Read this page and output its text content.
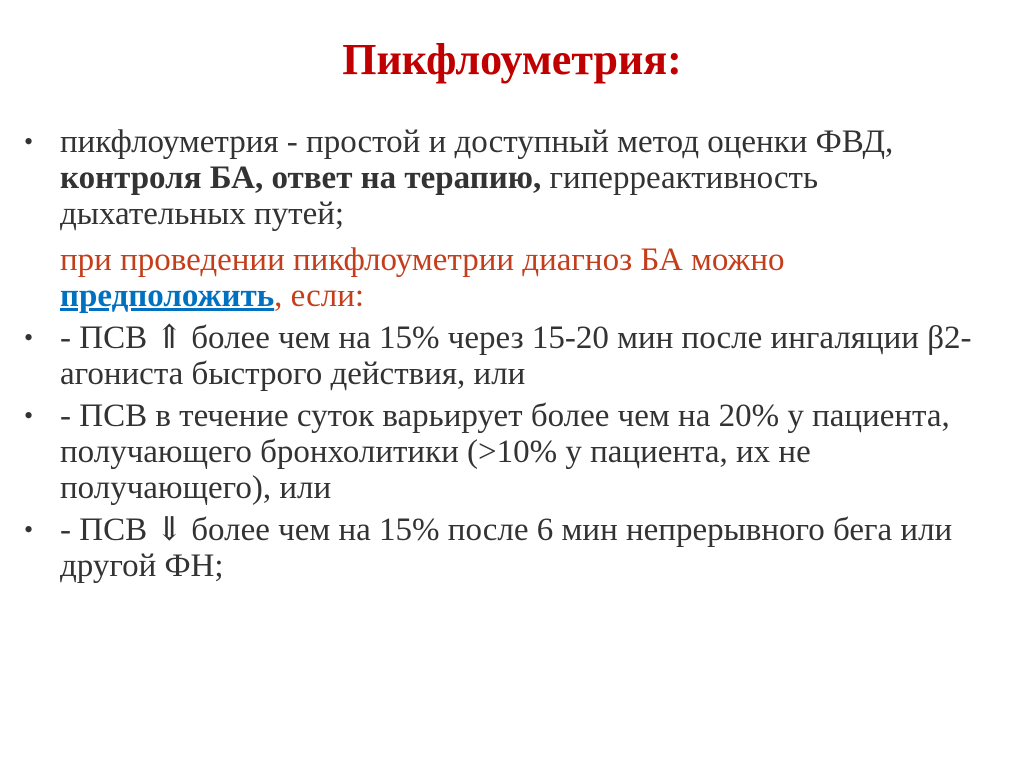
Пикфлоуметрия:
• пикфлоуметрия - простой и доступный метод оценки ФВД, контроля БА, ответ на терапию, гиперреактивность дыхательных путей;
при проведении пикфлоуметрии диагноз БА можно предположить, если:
• - ПСВ ⇑ более чем на 15% через 15-20 мин после ингаляции β2-агониста быстрого действия, или
• - ПСВ в течение суток варьирует более чем на 20% у пациента, получающего бронхолитики (>10% у пациента, их не получающего), или
• - ПСВ ⇓ более чем на 15% после 6 мин непрерывного бега или другой ФН;
